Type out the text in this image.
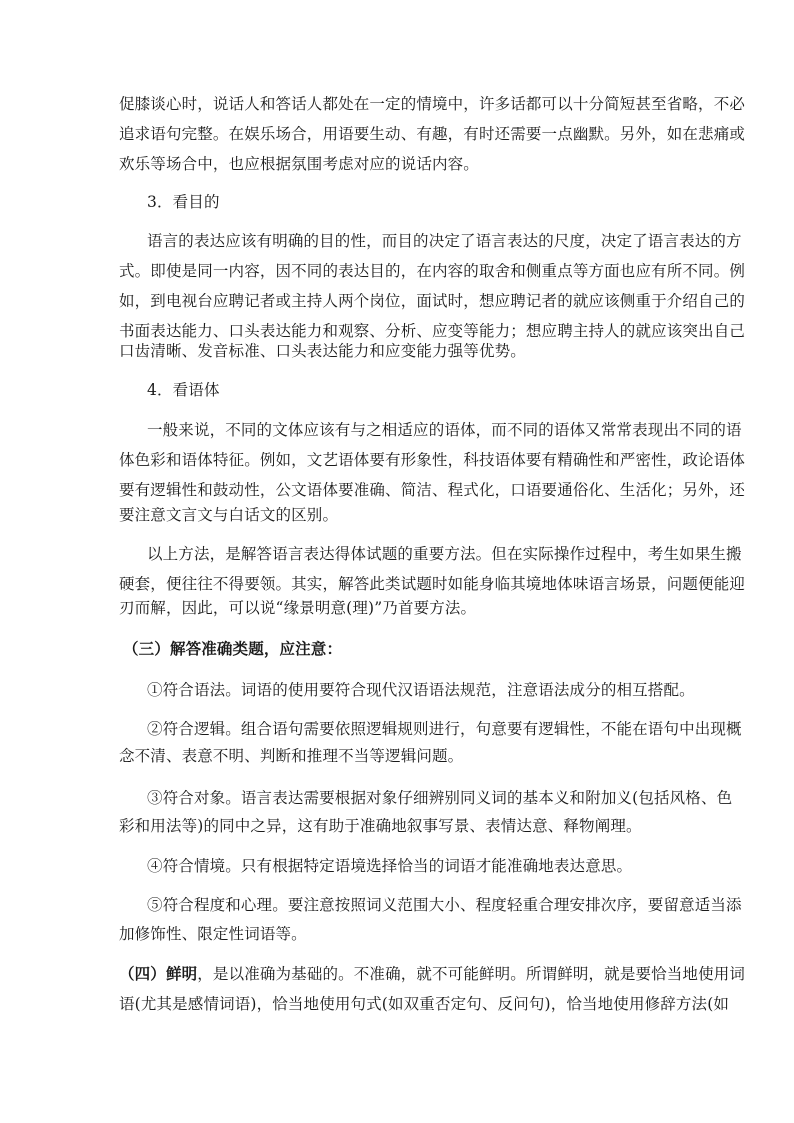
促膝谈心时，说话人和答话人都处在一定的情境中，许多话都可以十分简短甚至省略，不必
追求语句完整。在娱乐场合，用语要生动、有趣，有时还需要一点幽默。另外，如在悲痛或
欢乐等场合中，也应根据氛围考虑对应的说话内容。
3．看目的
语言的表达应该有明确的目的性，而目的决定了语言表达的尺度，决定了语言表达的方
式。即使是同一内容，因不同的表达目的，在内容的取舍和侧重点等方面也应有所不同。例
如，到电视台应聘记者或主持人两个岗位，面试时，想应聘记者的就应该侧重于介绍自己的
书面表达能力、口头表达能力和观察、分析、应变等能力；想应聘主持人的就应该突出自己
口齿清晰、发音标准、口头表达能力和应变能力强等优势。
4．看语体
一般来说，不同的文体应该有与之相适应的语体，而不同的语体又常常表现出不同的语
体色彩和语体特征。例如，文艺语体要有形象性，科技语体要有精确性和严密性，政论语体
要有逻辑性和鼓动性，公文语体要准确、简洁、程式化，口语要通俗化、生活化；另外，还
要注意文言文与白话文的区别。
以上方法，是解答语言表达得体试题的重要方法。但在实际操作过程中，考生如果生搬
硬套，便往往不得要领。其实，解答此类试题时如能身临其境地体味语言场景，问题便能迎
刃而解，因此，可以说“缘景明意(理)”乃首要方法。
（三）解答准确类题，应注意：
①符合语法。词语的使用要符合现代汉语语法规范，注意语法成分的相互搭配。
②符合逻辑。组合语句需要依照逻辑规则进行，句意要有逻辑性，不能在语句中出现概
念不清、表意不明、判断和推理不当等逻辑问题。
③符合对象。语言表达需要根据对象仔细辨别同义词的基本义和附加义(包括风格、色
彩和用法等)的同中之异，这有助于准确地叙事写景、表情达意、释物阐理。
④符合情境。只有根据特定语境选择恰当的词语才能准确地表达意思。
⑤符合程度和心理。要注意按照词义范围大小、程度轻重合理安排次序，要留意适当添
加修饰性、限定性词语等。
（四）鲜明，是以准确为基础的。不准确，就不可能鲜明。所谓鲜明，就是要恰当地使用词
语(尤其是感情词语)，恰当地使用句式(如双重否定句、反问句)，恰当地使用修辞方法(如
